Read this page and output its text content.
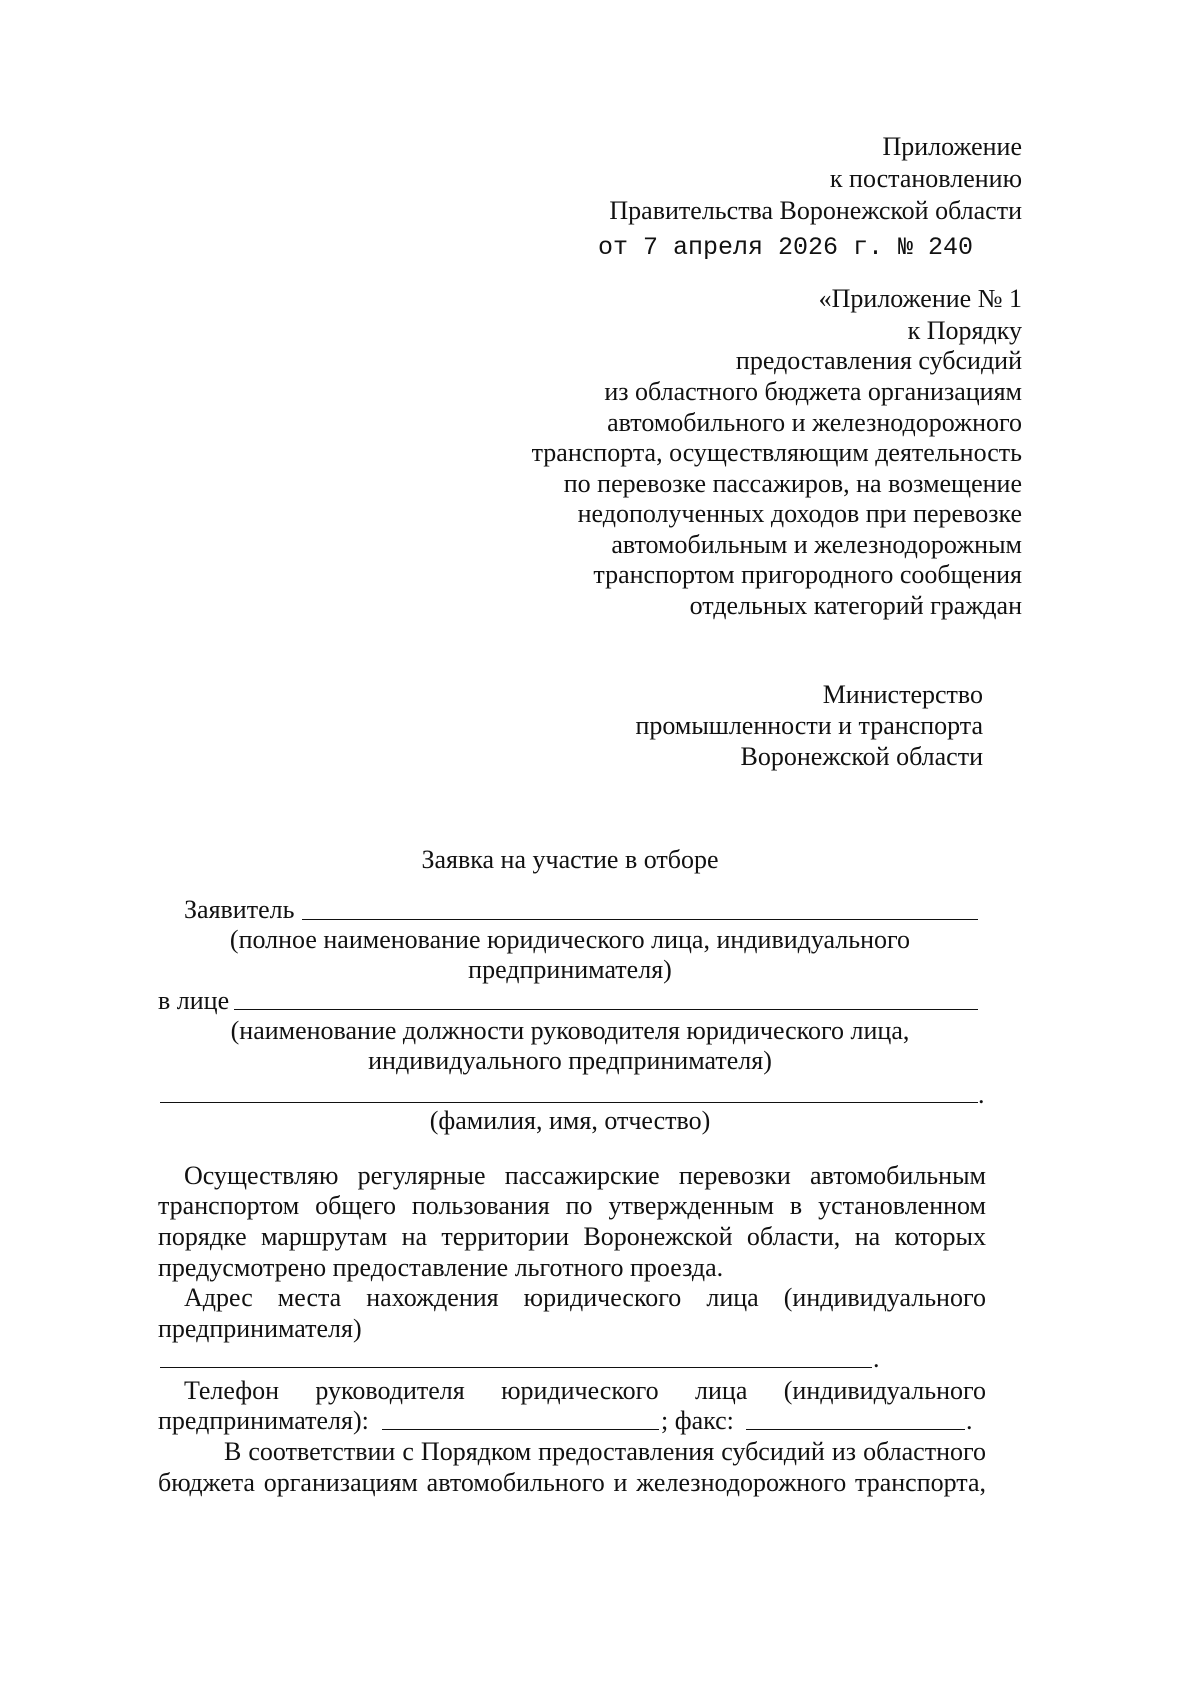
Приложение
к постановлению
Правительства Воронежской области
от 7 апреля 2026 г. № 240
«Приложение № 1
к Порядку
предоставления субсидий
из областного бюджета организациям
автомобильного и железнодорожного
транспорта, осуществляющим деятельность
по перевозке пассажиров, на возмещение
недополученных доходов при перевозке
автомобильным и железнодорожным
транспортом пригородного сообщения
отдельных категорий граждан
Министерство
промышленности и транспорта
Воронежской области
Заявка на участие в отборе
Заявитель
(полное наименование юридического лица, индивидуального
предпринимателя)
в лице
(наименование должности руководителя юридического лица,
индивидуального предпринимателя)
.
(фамилия, имя, отчество)
Осуществляю регулярные пассажирские перевозки автомобильным
транспортом общего пользования по утвержденным в установленном
порядке маршрутам на территории Воронежской области, на которых
предусмотрено предоставление льготного проезда.
Адрес места нахождения юридического лица (индивидуального
предпринимателя)
.
Телефон руководителя юридического лица (индивидуального
предпринимателя):	; факс:	.
В соответствии с Порядком предоставления субсидий из областного
бюджета организациям автомобильного и железнодорожного транспорта,
